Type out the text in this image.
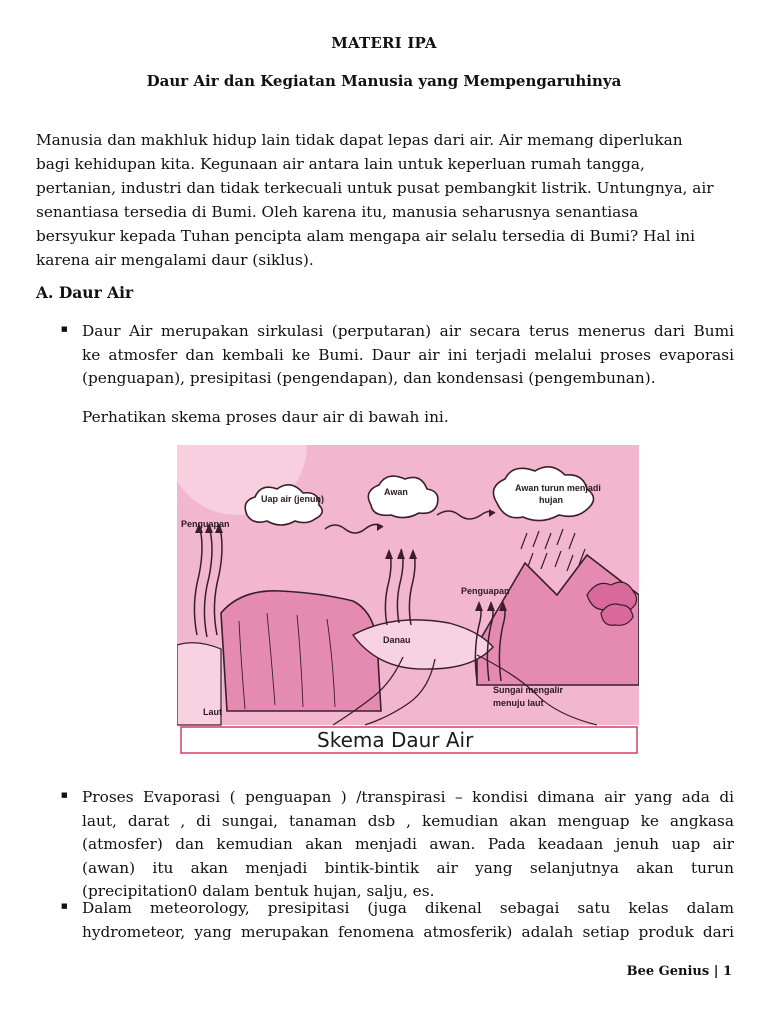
MATERI IPA
Daur Air dan Kegiatan Manusia yang Mempengaruhinya
Manusia dan makhluk hidup lain tidak dapat lepas dari air. Air memang diperlukan
bagi kehidupan kita. Kegunaan air antara lain untuk keperluan rumah tangga,
pertanian, industri dan tidak terkecuali untuk pusat pembangkit listrik. Untungnya, air
senantiasa tersedia di Bumi. Oleh karena itu, manusia seharusnya senantiasa
bersyukur kepada Tuhan pencipta alam mengapa air selalu tersedia di Bumi? Hal ini
karena air mengalami daur (siklus).
A. Daur Air
■ Daur Air merupakan sirkulasi (perputaran) air secara terus menerus dari Bumi
ke atmosfer dan kembali ke Bumi. Daur air ini terjadi melalui proses evaporasi
(penguapan), presipitasi (pengendapan), dan kondensasi (pengembunan).
Perhatikan skema proses daur air di bawah ini.
Uap air (jenuh)
Awan	Awan turun menjadi
hujan
Penguapan
Penguapan
Danau
Laut
Sungai mengalir
menuju laut
Skema Daur Air
■ Proses Evaporasi ( penguapan ) /transpirasi – kondisi dimana air yang ada di
laut, darat , di sungai, tanaman dsb , kemudian akan menguap ke angkasa
(atmosfer) dan kemudian akan menjadi awan. Pada keadaan jenuh uap air
(awan) itu akan menjadi bintik-bintik air yang selanjutnya akan turun
(precipitation0 dalam bentuk hujan, salju, es.
■ Dalam meteorology, presipitasi (juga dikenal sebagai satu kelas dalam
hydrometeor, yang merupakan fenomena atmosferik) adalah setiap produk dari
Bee Genius | 1
